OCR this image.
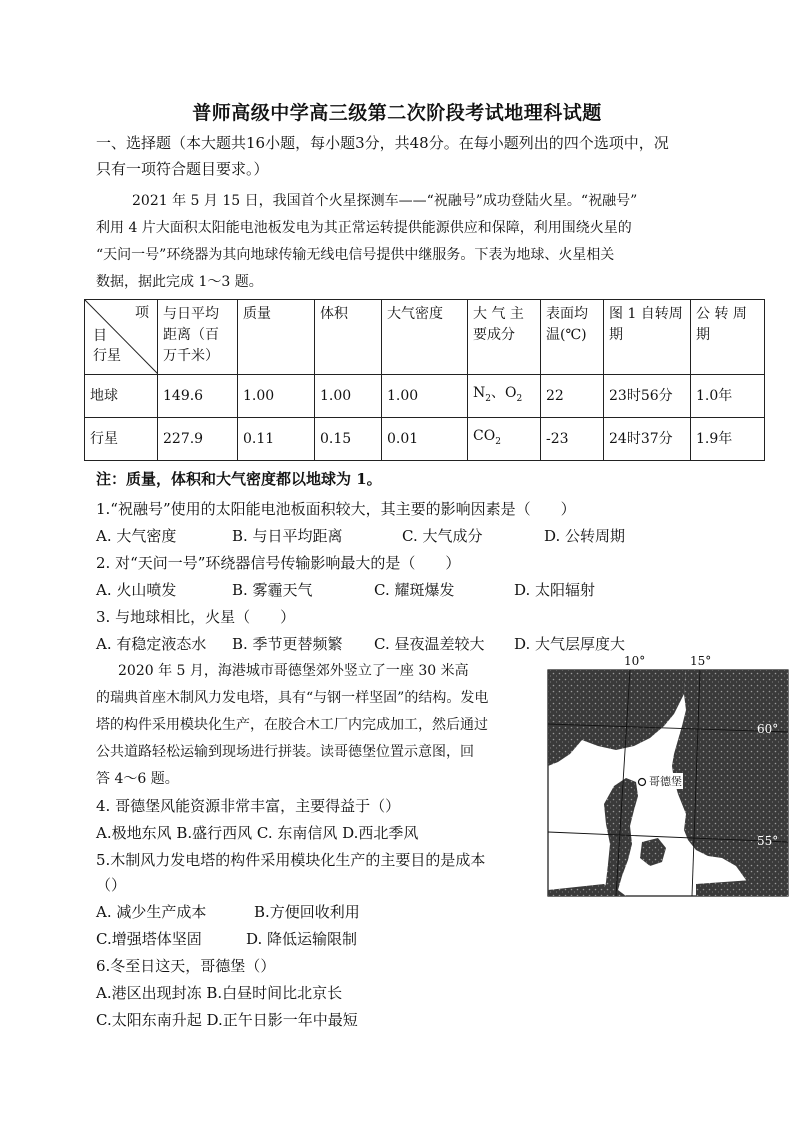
普师高级中学高三级第二次阶段考试地理科试题
一、选择题（本大题共16小题，每小题3分，共48分。在每小题列出的四个选项中，况
只有一项符合题目要求。）
2021 年 5 月 15 日，我国首个火星探测车——“祝融号”成功登陆火星。“祝融号”
利用 4 片大面积太阳能电池板发电为其正常运转提供能源供应和保障，利用围绕火星的
“天问一号”环绕器为其向地球传输无线电信号提供中继服务。下表为地球、火星相关
数据，据此完成 1～3 题。
项
目
行星	与日平均距离（百万千米）	质量	体积	大气密度	大 气 主要成分	表面均温(℃)	图 1 自转周期	公 转 周期
地球	149.6	1.00	1.00	1.00	$N_2$、$O_2$	22	23时56分	1.0年
行星	227.9	0.11	0.15	0.01	$CO_2$	-23	24时37分	1.9年
注：质量，体积和大气密度都以地球为 1。
1.“祝融号”使用的太阳能电池板面积较大，其主要的影响因素是（　　）
A. 大气密度	B. 与日平均距离	C. 大气成分	D. 公转周期
2. 对“天问一号”环绕器信号传输影响最大的是（　　）
A. 火山喷发	B. 雾霾天气	C. 耀斑爆发	D. 太阳辐射
3. 与地球相比，火星（　　）
A. 有稳定液态水 B. 季节更替频繁 C. 昼夜温差较大 D. 大气层厚度大
2020 年 5 月，海港城市哥德堡郊外竖立了一座 30 米高
的瑞典首座木制风力发电塔，具有“与钢一样坚固”的结构。发电
塔的构件采用模块化生产，在胶合木工厂内完成加工，然后通过
公共道路轻松运输到现场进行拼装。读哥德堡位置示意图，回
答 4～6 题。
4. 哥德堡风能资源非常丰富，主要得益于（）
A.极地东风 B.盛行西风 C. 东南信风 D.西北季风
5.木制风力发电塔的构件采用模块化生产的主要目的是成本
（）
A. 减少生产成本	B.方便回收利用
C.增强塔体坚固	D. 降低运输限制
6.冬至日这天，哥德堡（）
A.港区出现封冻 B.白昼时间比北京长
C.太阳东南升起 D.正午日影一年中最短
10°	15°
60°
55°
哥德堡
